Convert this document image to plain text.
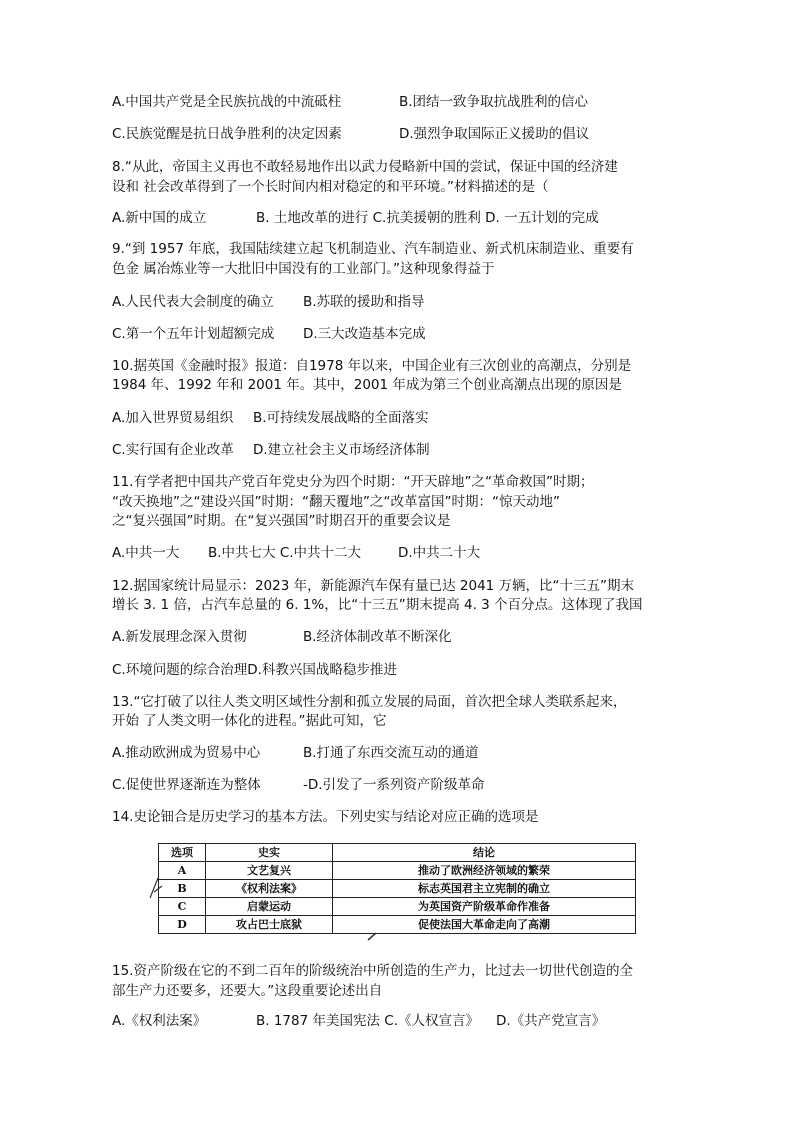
A.中国共产党是全民族抗战的中流砥柱	B.团结一致争取抗战胜利的信心
C.民族觉醒是抗日战争胜利的决定因素	D.强烈争取国际正义援助的倡议
8.“从此，帝国主义再也不敢轻易地作出以武力侵略新中国的尝试，保证中国的经济建
设和 社会改革得到了一个长时间内相对稳定的和平环境。”材料描述的是（
A.新中国的成立	B. 土地改革的进行 C.抗美援朝的胜利 D. 一五计划的完成
9.“到 1957 年底，我国陆续建立起飞机制造业、汽车制造业、新式机床制造业、重要有
色金 属冶炼业等一大批旧中国没有的工业部门。”这种现象得益于
A.人民代表大会制度的确立 B.苏联的援助和指导
C.第一个五年计划超额完成 D.三大改造基本完成
10.据英国《金融时报》报道：自1978 年以来，中国企业有三次创业的高潮点，分别是
1984 年、1992 年和 2001 年。其中，2001 年成为第三个创业高潮点出现的原因是
A.加入世界贸易组织 B.可持续发展战略的全面落实
C.实行国有企业改革 D.建立社会主义市场经济体制
11.有学者把中国共产党百年党史分为四个时期：“开天辟地”之“革命救国”时期；
“改天换地”之“建设兴国”时期：“翻天覆地”之“改革富国”时期：“惊天动地”
之“复兴强国”时期。在“复兴强国”时期召开的重要会议是
A.中共一大 B.中共七大 C.中共十二大	D.中共二十大
12.据国家统计局显示：2023 年，新能源汽车保有量已达 2041 万辆，比“十三五”期末
增长 3. 1 倍，占汽车总量的 6. 1%，比“十三五”期末提高 4. 3 个百分点。这体现了我国
A.新发展理念深入贯彻	B.经济体制改革不断深化
C.环境问题的综合治理D.科教兴国战略稳步推进
13.“它打破了以往人类文明区域性分割和孤立发展的局面，首次把全球人类联系起来，
开始 了人类文明一体化的进程。”据此可知，它
A.推动欧洲成为贸易中心	B.打通了东西交流互动的通道
C.促使世界逐渐连为整体	-D.引发了一系列资产阶级革命
14.史论钿合是历史学习的基本方法。下列史实与结论对应正确的选项是
选项	史实	结论
A	文艺复兴	推动了欧洲经济领域的繁荣
B	《权利法案》	标志英国君主立宪制的确立
C	启蒙运动	为英国资产阶级革命作准备
D	攻占巴士底狱	促使法国大革命走向了高潮
15.资产阶级在它的不到二百年的阶级统治中所创造的生产力，比过去一切世代创造的全
部生产力还要多，还要大。”这段重要论述出自
A.《权利法案》	B. 1787 年美国宪法 C.《人权宣言》 D.《共产党宣言》
